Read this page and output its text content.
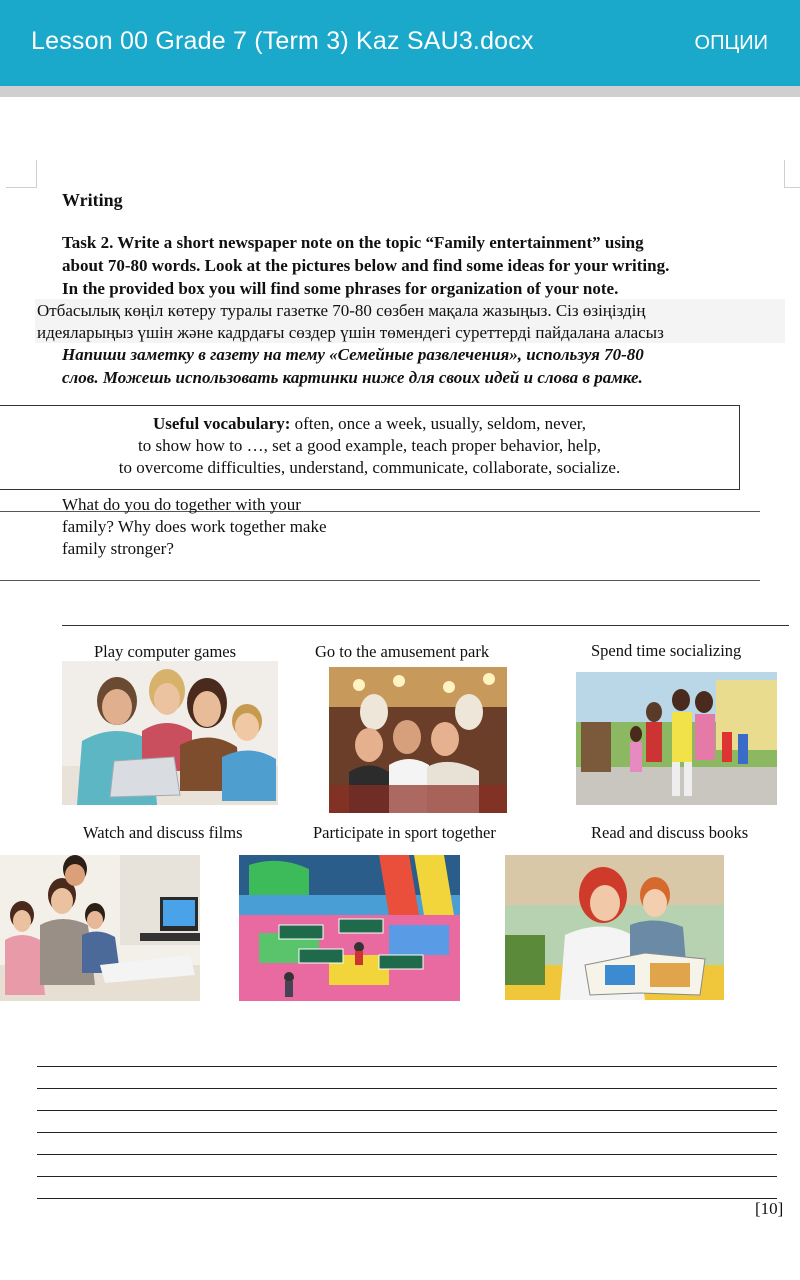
Lesson 00 Grade 7 (Term 3) Kaz SAU3.docx	ОПЦИИ
Writing
Task 2. Write a short newspaper note on the topic “Family entertainment” using
about 70-80 words. Look at the pictures below and find some ideas for your writing.
In the provided box you will find some phrases for organization of your note.
Отбасылық көңіл көтеру туралы газетке 70-80 сөзбен мақала жазыңыз. Сіз өзіңіздің
идеяларыңыз үшін және кадрдағы сөздер үшін төмендегі суреттерді пайдалана аласыз
Напиши заметку в газету на тему «Семейные развлечения», используя 70-80
слов. Можешь использовать картинки ниже для своих идей и слова в рамке.
Useful vocabulary: often, once a week, usually, seldom, never,
to show how to …, set a good example, teach proper behavior, help,
to overcome difficulties, understand, communicate, collaborate, socialize.
What do you do together with your
family? Why does work together make
family stronger?
Play computer games	Go to the amusement park	Spend time socializing
Watch and discuss films	Participate in sport together	Read and discuss books
[10]
